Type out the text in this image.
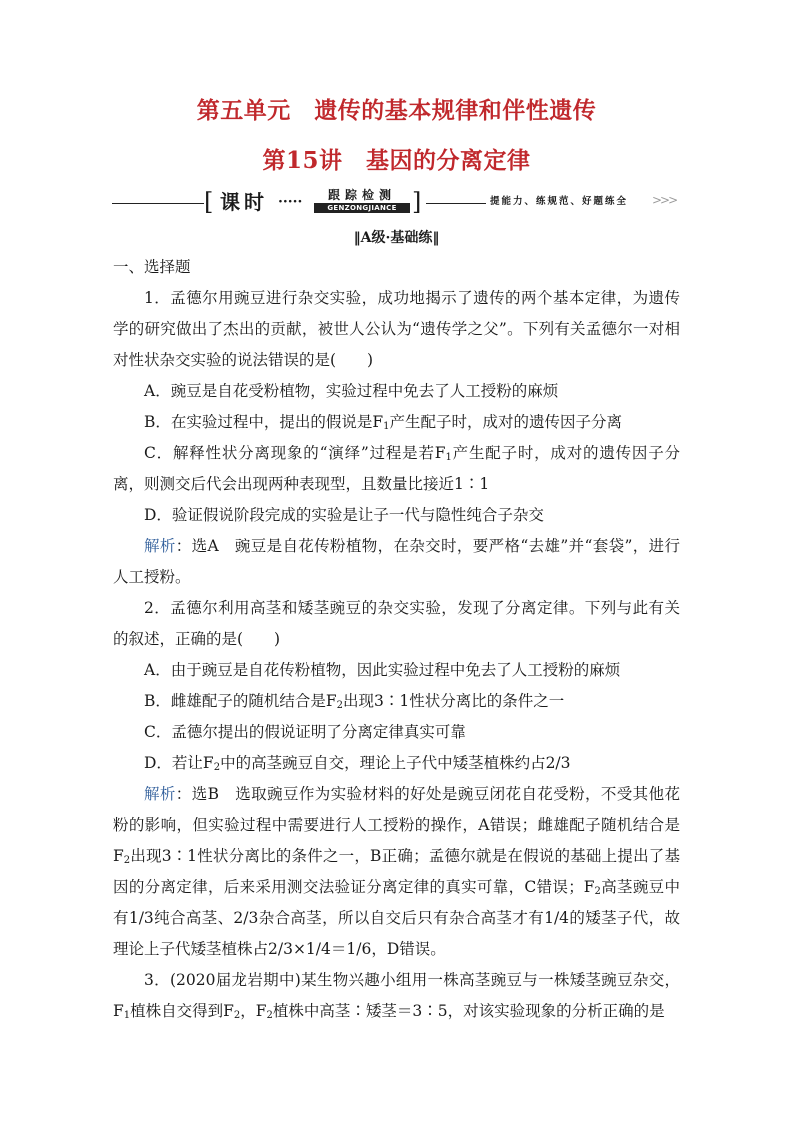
第五单元　遗传的基本规律和伴性遗传
第15讲　基因的分离定律
[ 课时 ·····	跟踪检测
GENZONGJIANCE ]	提能力、练规范、好题练全 >>>
‖A级·基础练‖
一、选择题
1．孟德尔用豌豆进行杂交实验，成功地揭示了遗传的两个基本定律，为遗传学的研究做出了杰出的贡献，被世人公认为“遗传学之父”。下列有关孟德尔一对相对性状杂交实验的说法错误的是(　　)
A．豌豆是自花受粉植物，实验过程中免去了人工授粉的麻烦
B．在实验过程中，提出的假说是$F_1$产生配子时，成对的遗传因子分离
C．解释性状分离现象的“演绎”过程是若$F_1$产生配子时，成对的遗传因子分离，则测交后代会出现两种表现型，且数量比接近1∶1
D．验证假说阶段完成的实验是让子一代与隐性纯合子杂交
解析：选A　豌豆是自花传粉植物，在杂交时，要严格“去雄”并“套袋”，进行人工授粉。
2．孟德尔利用高茎和矮茎豌豆的杂交实验，发现了分离定律。下列与此有关的叙述，正确的是(　　)
A．由于豌豆是自花传粉植物，因此实验过程中免去了人工授粉的麻烦
B．雌雄配子的随机结合是$F_2$出现3∶1性状分离比的条件之一
C．孟德尔提出的假说证明了分离定律真实可靠
D．若让$F_2$中的高茎豌豆自交，理论上子代中矮茎植株约占2/3
解析：选B　选取豌豆作为实验材料的好处是豌豆闭花自花受粉，不受其他花粉的影响，但实验过程中需要进行人工授粉的操作，A错误；雌雄配子随机结合是$F_2$出现3∶1性状分离比的条件之一，B正确；孟德尔就是在假说的基础上提出了基因的分离定律，后来采用测交法验证分离定律的真实可靠，C错误；$F_2$高茎豌豆中有1/3纯合高茎、2/3杂合高茎，所以自交后只有杂合高茎才有1/4的矮茎子代，故理论上子代矮茎植株占2/3×1/4＝1/6，D错误。
3．(2020届龙岩期中)某生物兴趣小组用一株高茎豌豆与一株矮茎豌豆杂交，$F_1$植株自交得到$F_2$，$F_2$植株中高茎∶矮茎＝3∶5，对该实验现象的分析正确的是
